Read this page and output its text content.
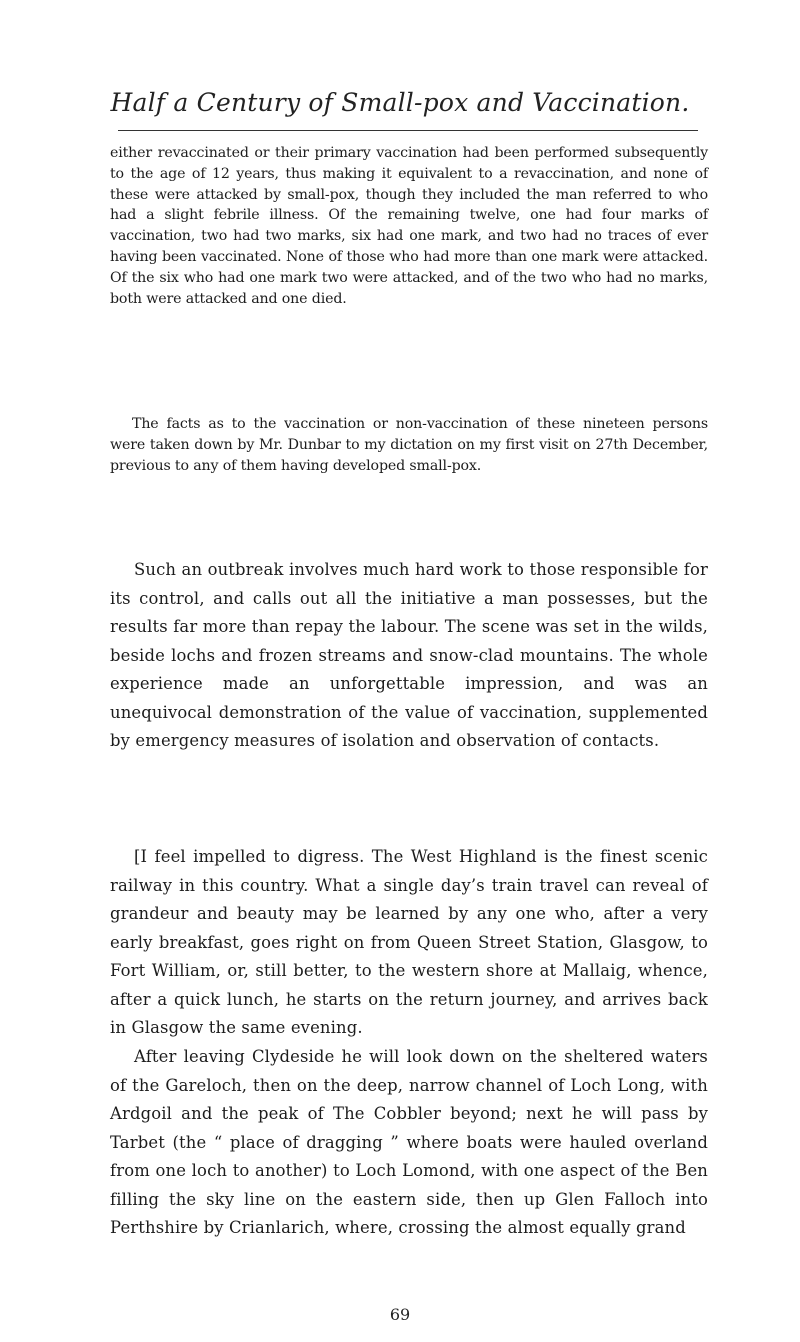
Half a Century of Small-pox and Vaccination.

either revaccinated or their primary vaccination had been performed subsequently to the age of 12 years, thus making it equivalent to a revaccination, and none of these were attacked by small-pox, though they included the man referred to who had a slight febrile illness. Of the remaining twelve, one had four marks of vaccination, two had two marks, six had one mark, and two had no traces of ever having been vaccinated. None of those who had more than one mark were attacked. Of the six who had one mark two were attacked, and of the two who had no marks, both were attacked and one died.

The facts as to the vaccination or non-vaccination of these nineteen persons were taken down by Mr. Dunbar to my dictation on my first visit on 27th December, previous to any of them having developed small-pox.

Such an outbreak involves much hard work to those responsible for its control, and calls out all the initiative a man possesses, but the results far more than repay the labour. The scene was set in the wilds, beside lochs and frozen streams and snow-clad mountains. The whole experience made an unforgettable impression, and was an unequivocal demonstration of the value of vaccination, supplemented by emergency measures of isolation and observation of contacts.

[I feel impelled to digress. The West Highland is the finest scenic railway in this country. What a single day’s train travel can reveal of grandeur and beauty may be learned by any one who, after a very early breakfast, goes right on from Queen Street Station, Glasgow, to Fort William, or, still better, to the western shore at Mallaig, whence, after a quick lunch, he starts on the return journey, and arrives back in Glasgow the same evening.

After leaving Clydeside he will look down on the sheltered waters of the Gareloch, then on the deep, narrow channel of Loch Long, with Ardgoil and the peak of The Cobbler beyond; next he will pass by Tarbet (the “ place of dragging ” where boats were hauled overland from one loch to another) to Loch Lomond, with one aspect of the Ben filling the sky line on the eastern side, then up Glen Falloch into Perthshire by Crianlarich, where, crossing the almost equally grand

69
